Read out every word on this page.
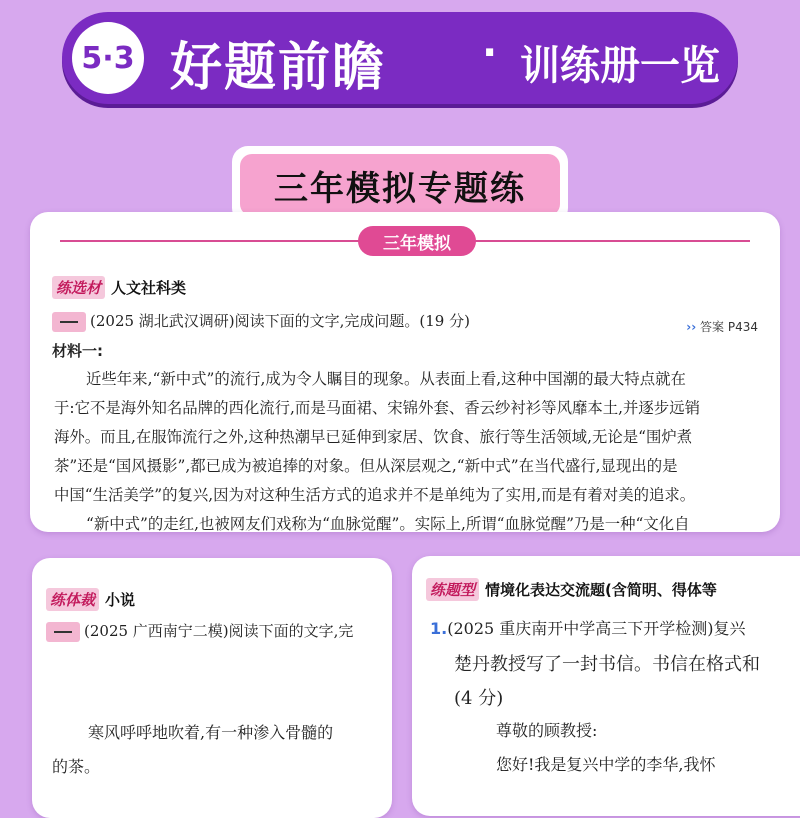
5·3 好题前瞻 · 训练册一览
三年模拟专题练
三年模拟
练选材 人文社科类
(2025 湖北武汉调研)阅读下面的文字,完成问题。(19 分)	›› 答案 P434
材料一:
近些年来,“新中式”的流行,成为令人瞩目的现象。从表面上看,这种中国潮的最大特点就在
于:它不是海外知名品牌的西化流行,而是马面裙、宋锦外套、香云纱衬衫等风靡本土,并逐步远销
海外。而且,在服饰流行之外,这种热潮早已延伸到家居、饮食、旅行等生活领域,无论是“围炉煮
茶”还是“国风摄影”,都已成为被追捧的对象。但从深层观之,“新中式”在当代盛行,显现出的是
中国“生活美学”的复兴,因为对这种生活方式的追求并不是单纯为了实用,而是有着对美的追求。
“新中式”的走红,也被网友们戏称为“血脉觉醒”。实际上,所谓“血脉觉醒”乃是一种“文化自
练体裁 小说
(2025 广西南宁二模)阅读下面的文字,完
寒风呼呼地吹着,有一种渗入骨髓的
的茶。
练题型 情境化表达交流题(含简明、得体等
1.(2025 重庆南开中学高三下开学检测)复兴
楚丹教授写了一封书信。书信在格式和
(4 分)
尊敬的顾教授:
您好!我是复兴中学的李华,我怀
